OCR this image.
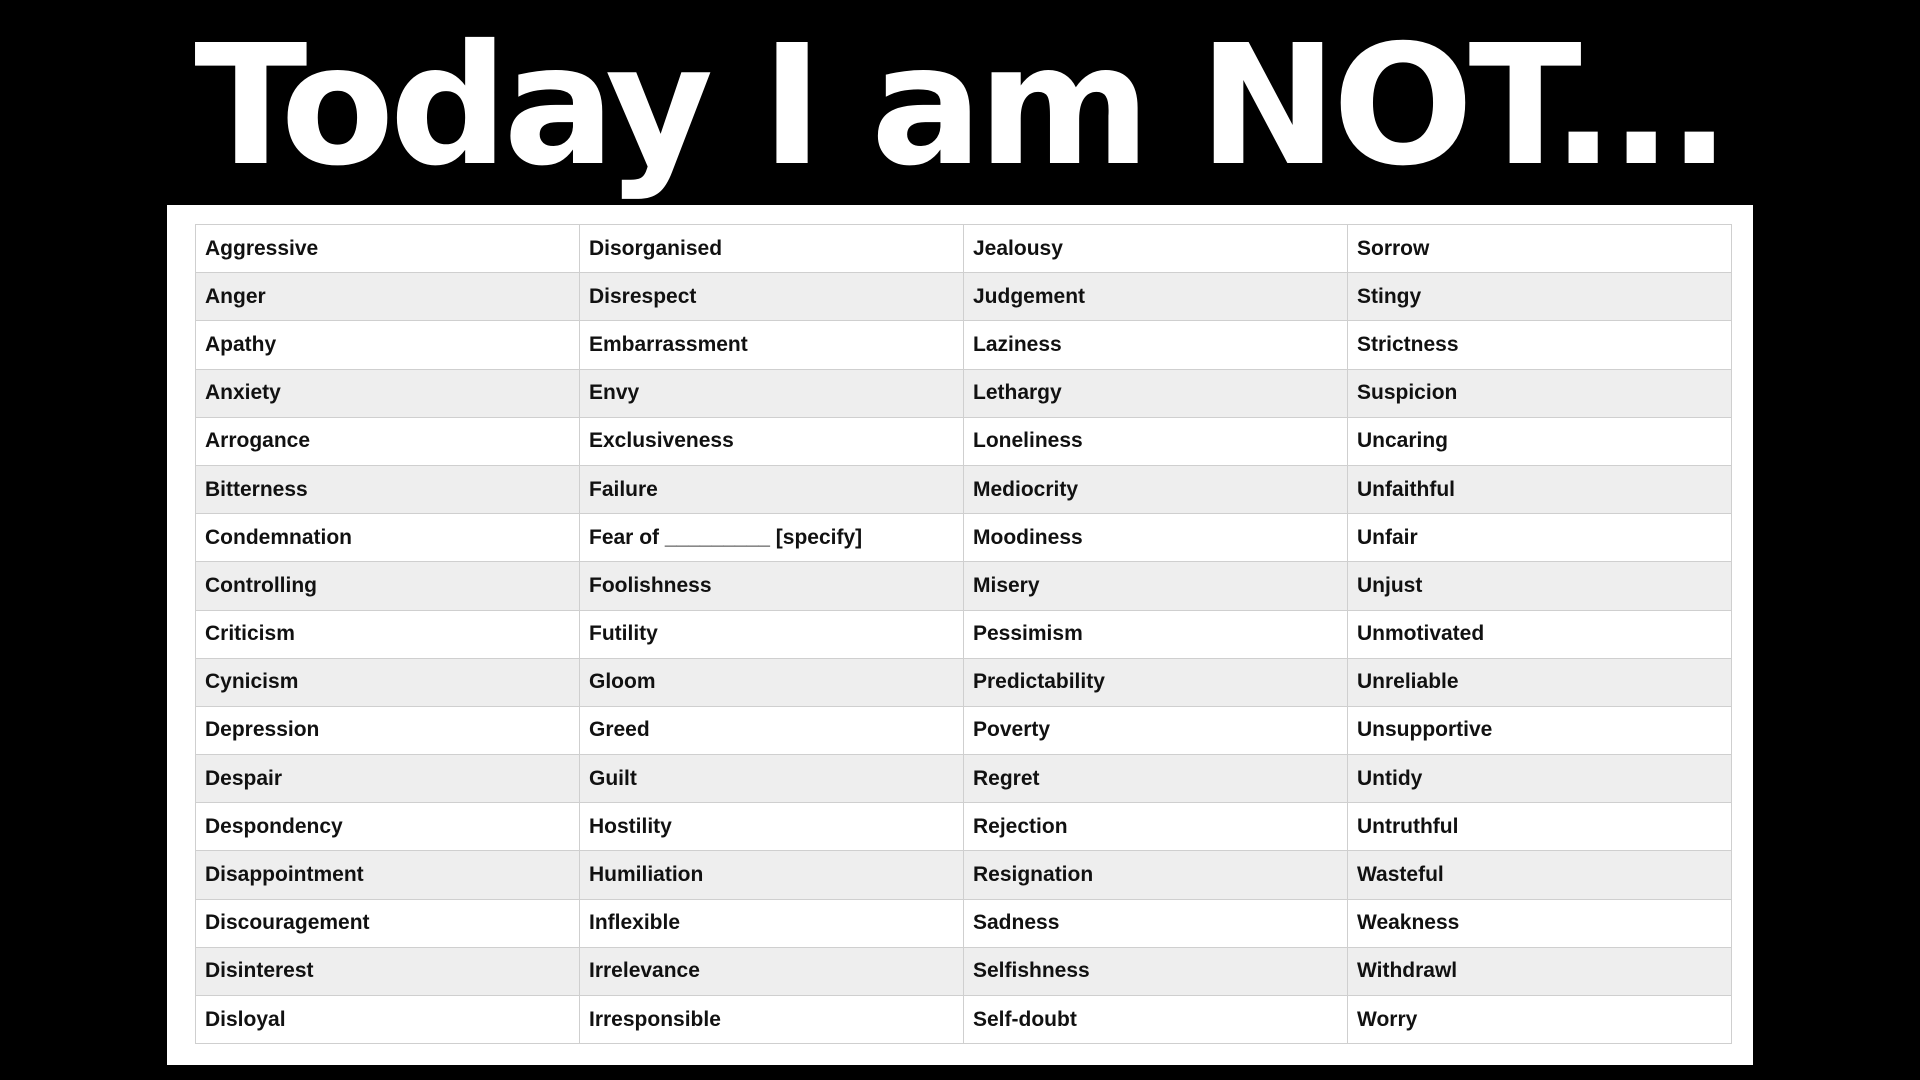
Today I am NOT...
Aggressive	Disorganised	Jealousy	Sorrow
Anger	Disrespect	Judgement	Stingy
Apathy	Embarrassment	Laziness	Strictness
Anxiety	Envy	Lethargy	Suspicion
Arrogance	Exclusiveness	Loneliness	Uncaring
Bitterness	Failure	Mediocrity	Unfaithful
Condemnation	Fear of _________ [specify]	Moodiness	Unfair
Controlling	Foolishness	Misery	Unjust
Criticism	Futility	Pessimism	Unmotivated
Cynicism	Gloom	Predictability	Unreliable
Depression	Greed	Poverty	Unsupportive
Despair	Guilt	Regret	Untidy
Despondency	Hostility	Rejection	Untruthful
Disappointment	Humiliation	Resignation	Wasteful
Discouragement	Inflexible	Sadness	Weakness
Disinterest	Irrelevance	Selfishness	Withdrawl
Disloyal	Irresponsible	Self-doubt	Worry
